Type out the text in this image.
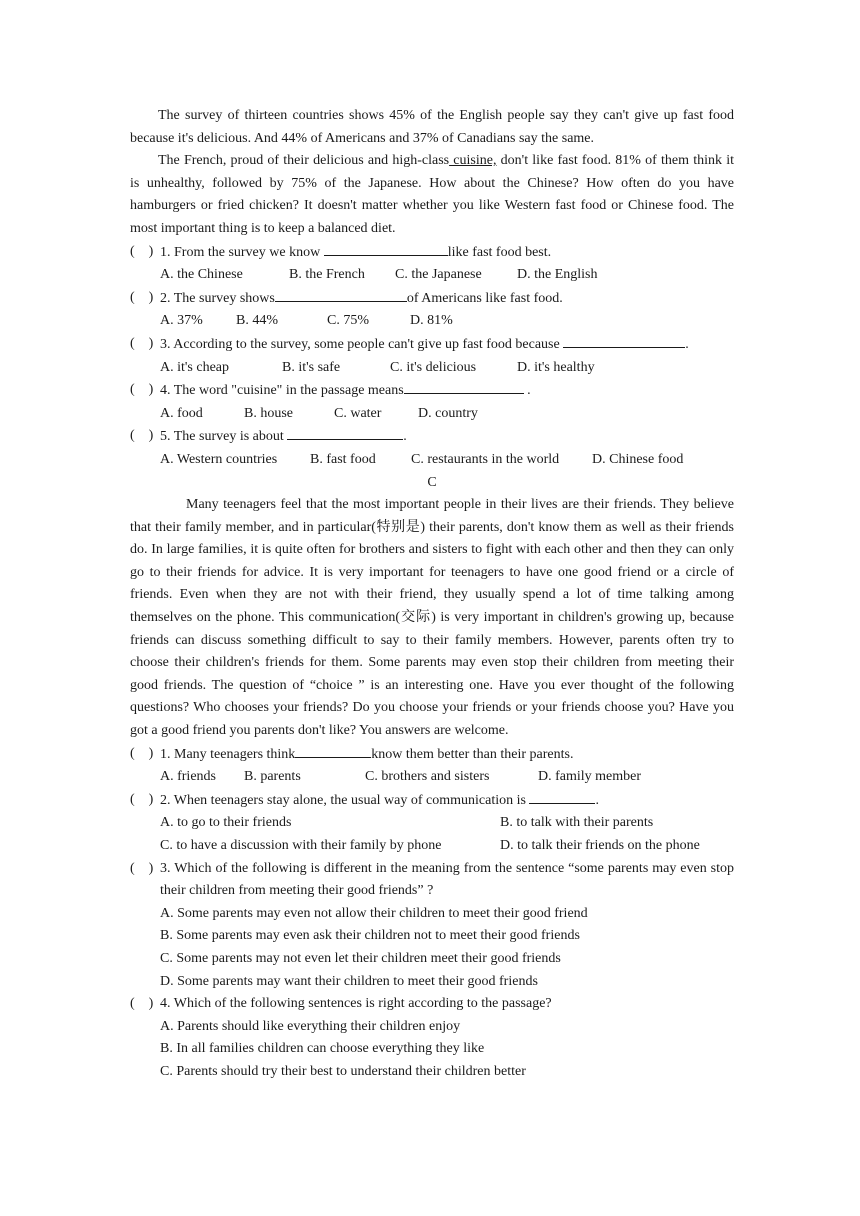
The survey of thirteen countries shows 45% of the English people say they can't give up fast food because it's delicious. And 44% of Americans and 37% of Canadians say the same.

The French, proud of their delicious and high-class cuisine, don't like fast food. 81% of them think it is unhealthy, followed by 75% of the Japanese. How about the Chinese? How often do you have hamburgers or fried chicken? It doesn't matter whether you like Western fast food or Chinese food. The most important thing is to keep a balanced diet.

(    ) 1. From the survey we know	like fast food best.
A. the Chinese	B. the French	C. the Japanese	D. the English
(    ) 2. The survey shows	of Americans like fast food.
A. 37%	B. 44%	C. 75%	D. 81%
(    ) 3. According to the survey, some people can't give up fast food because	.
A. it's cheap	B. it's safe	C. it's delicious	D. it's healthy
(    ) 4. The word "cuisine" in the passage means	.
A. food	B. house	C. water	D. country
(    ) 5. The survey is about	.
A. Western countries	B. fast food	C. restaurants in the world	D. Chinese food

C

Many teenagers feel that the most important people in their lives are their friends. They believe that their family member, and in particular(特别是) their parents, don't know them as well as their friends do. In large families, it is quite often for brothers and sisters to fight with each other and then they can only go to their friends for advice. It is very important for teenagers to have one good friend or a circle of friends. Even when they are not with their friend, they usually spend a lot of time talking among themselves on the phone. This communication(交际) is very important in children's growing up, because friends can discuss something difficult to say to their family members. However, parents often try to choose their children's friends for them. Some parents may even stop their children from meeting their good friends. The question of “choice ” is an interesting one. Have you ever thought of the following questions? Who chooses your friends? Do you choose your friends or your friends choose you? Have you got a good friend you parents don't like? You answers are welcome.

(    ) 1. Many teenagers think	know them better than their parents.
A. friends	B. parents	C. brothers and sisters	D. family member
(    ) 2. When teenagers stay alone, the usual way of communication is	.
A. to go to their friends	B. to talk with their parents
C. to have a discussion with their family by phone	D. to talk their friends on the phone
(    ) 3. Which of the following is different in the meaning from the sentence “some parents may even stop their children from meeting their good friends” ?

A. Some parents may even not allow their children to meet their good friend

B. Some parents may even ask their children not to meet their good friends

C. Some parents may not even let their children meet their good friends

D. Some parents may want their children to meet their good friends

(    ) 4. Which of the following sentences is right according to the passage?

A. Parents should like everything their children enjoy

B. In all families children can choose everything they like

C. Parents should try their best to understand their children better
